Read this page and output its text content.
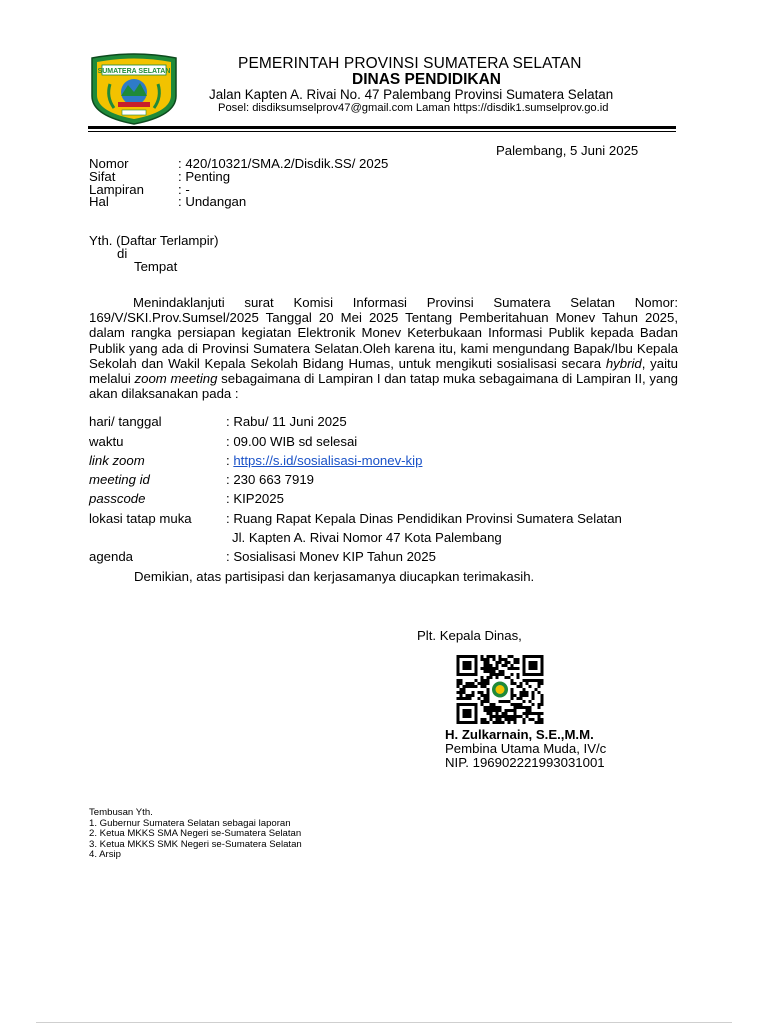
SUMATERA SELATAN	PEMERINTAH PROVINSI SUMATERA SELATAN
DINAS PENDIDIKAN
Jalan Kapten A. Rivai No. 47 Palembang Provinsi Sumatera Selatan
Posel: disdiksumselprov47@gmail.com Laman https://disdik1.sumselprov.go.id
Palembang, 5 Juni 2025
Nomor	: 420/10321/SMA.2/Disdik.SS/ 2025
Sifat	: Penting
Lampiran	: -
Hal	: Undangan
Yth. (Daftar Terlampir)
di
Tempat
Menindaklanjuti surat Komisi Informasi Provinsi Sumatera Selatan Nomor: 169/V/SKI.Prov.Sumsel/2025 Tanggal 20 Mei 2025 Tentang Pemberitahuan Monev Tahun 2025, dalam rangka persiapan kegiatan Elektronik Monev Keterbukaan Informasi Publik kepada Badan Publik yang ada di Provinsi Sumatera Selatan.Oleh karena itu, kami mengundang Bapak/Ibu Kepala Sekolah dan Wakil Kepala Sekolah Bidang Humas, untuk mengikuti sosialisasi secara hybrid, yaitu melalui zoom meeting sebagaimana di Lampiran I dan tatap muka sebagaimana di Lampiran II, yang akan dilaksanakan pada :
hari/ tanggal	: Rabu/ 11 Juni 2025
waktu	: 09.00 WIB sd selesai
link zoom	: https://s.id/sosialisasi-monev-kip
meeting id	: 230 663 7919
passcode	: KIP2025
lokasi tatap muka	: Ruang Rapat Kepala Dinas Pendidikan Provinsi Sumatera Selatan
Jl. Kapten A. Rivai Nomor 47 Kota Palembang
agenda	: Sosialisasi Monev KIP Tahun 2025
Demikian, atas partisipasi dan kerjasamanya diucapkan terimakasih.
Plt. Kepala Dinas,
H. Zulkarnain, S.E.,M.M.
Pembina Utama Muda, IV/c
NIP. 196902221993031001
Tembusan Yth.
1. Gubernur Sumatera Selatan sebagai laporan
2. Ketua MKKS SMA Negeri se-Sumatera Selatan
3. Ketua MKKS SMK Negeri se-Sumatera Selatan
4. Arsip
